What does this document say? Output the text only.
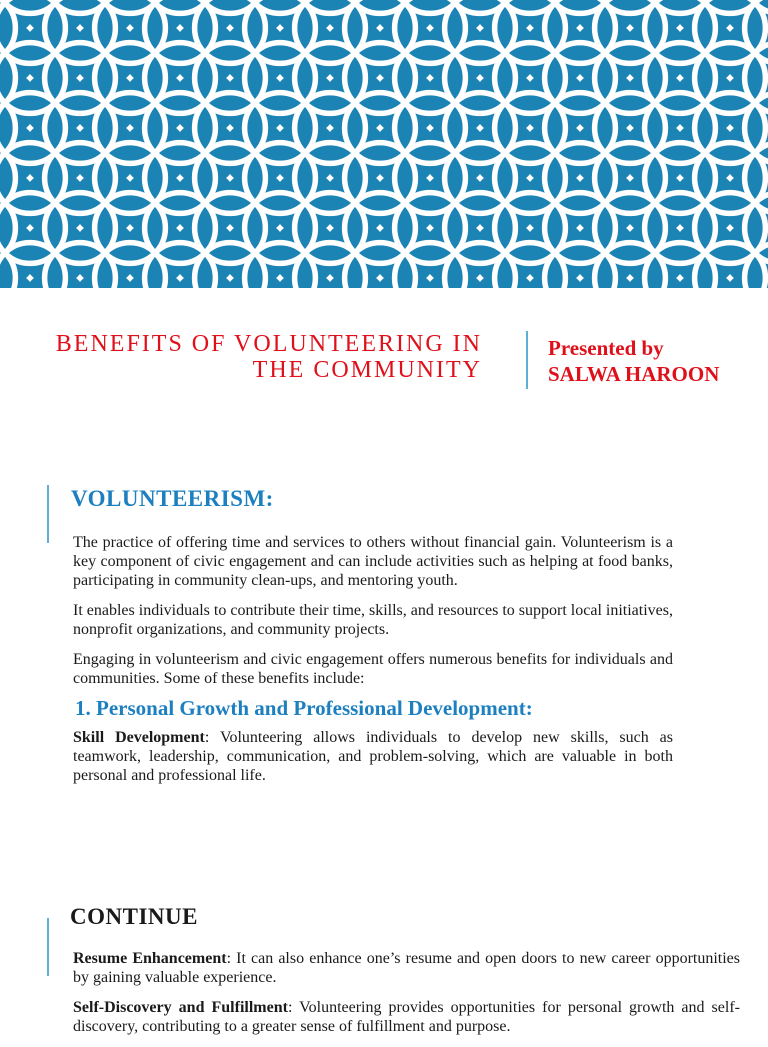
BENEFITS OF VOLUNTEERING IN
THE COMMUNITY
Presented by
SALWA HAROON
VOLUNTEERISM:

The practice of offering time and services to others without financial gain. Volunteerism is a key component of civic engagement and can include activities such as helping at food banks, participating in community clean-ups, and mentoring youth.

It enables individuals to contribute their time, skills, and resources to support local initiatives, nonprofit organizations, and community projects.

Engaging in volunteerism and civic engagement offers numerous benefits for individuals and communities. Some of these benefits include:

1. Personal Growth and Professional Development:

Skill Development: Volunteering allows individuals to develop new skills, such as teamwork, leadership, communication, and problem-solving, which are valuable in both personal and professional life.

CONTINUE

Resume Enhancement: It can also enhance one’s resume and open doors to new career opportunities by gaining valuable experience.

Self-Discovery and Fulfillment: Volunteering provides opportunities for personal growth and self-discovery, contributing to a greater sense of fulfillment and purpose.
